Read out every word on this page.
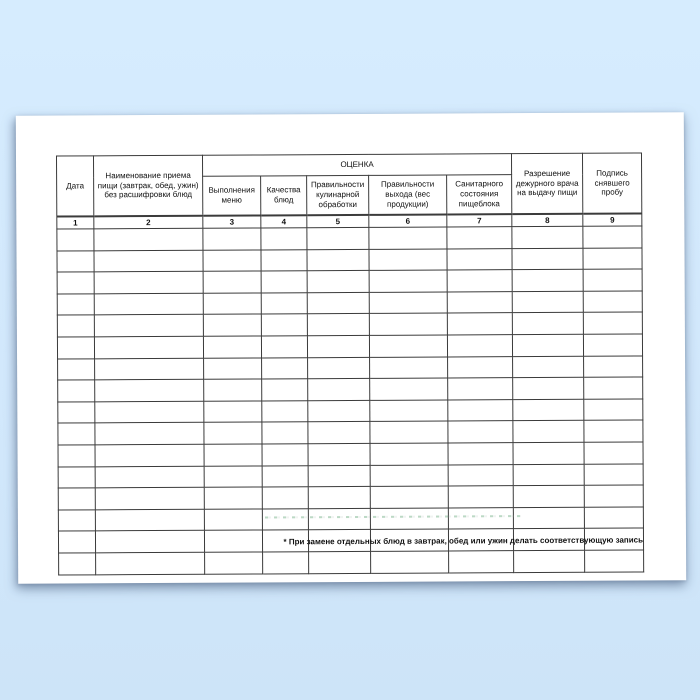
Дата	Наименование приема пищи (завтрак, обед, ужин) без расшифровки блюд	ОЦЕНКА					Разрешение дежурного врача на выдачу пищи	Подпись снявшего пробу
		Выполнения меню	Качества блюд	Правильности кулинарной обработки	Правильности выхода (вес продукции)	Санитарного состояния пищеблока		
1	2	3	4	5	6	7	8	9

* При замене отдельных блюд в завтрак, обед или ужин делать соответствующую запись
